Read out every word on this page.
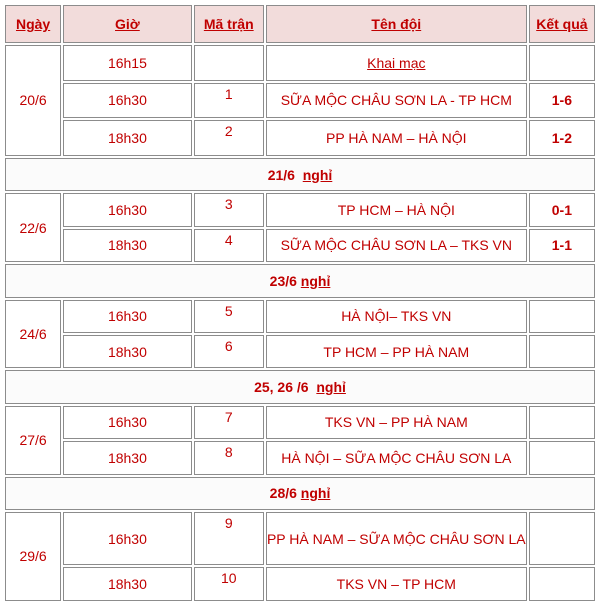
Ngày	Giờ	Mã trận	Tên đội	Kết quả
20/6	16h15		Khai mạc	
	16h30	1	SỮA MỘC CHÂU SƠN LA - TP HCM	1-6
	18h30	2	PP HÀ NAM – HÀ NỘI	1-2
21/6 nghỉ				
22/6	16h30	3	TP HCM – HÀ NỘI	0-1
	18h30	4	SỮA MỘC CHÂU SƠN LA – TKS VN	1-1
23/6 nghỉ				
24/6	16h30	5	HÀ NỘI– TKS VN	
	18h30	6	TP HCM – PP HÀ NAM	
25, 26 /6 nghỉ				
27/6	16h30	7	TKS VN – PP HÀ NAM	
	18h30	8	HÀ NỘI – SỮA MỘC CHÂU SƠN LA	
28/6 nghỉ				
29/6	16h30	9	PP HÀ NAM – SỮA MỘC CHÂU SƠN LA	
	18h30	10	TKS VN – TP HCM	
